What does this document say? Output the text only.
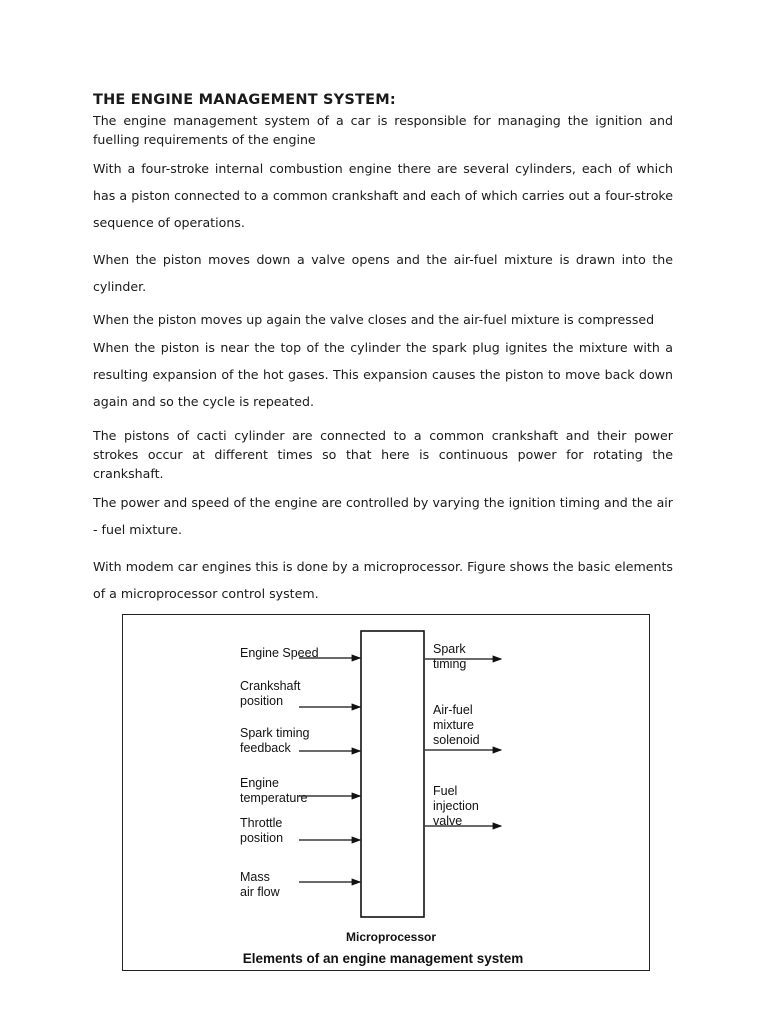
THE ENGINE MANAGEMENT SYSTEM:

The engine management system of a car is responsible for managing the ignition and fuelling requirements of the engine

With a four-stroke internal combustion engine there are several cylinders, each of which has a piston connected to a common crankshaft and each of which carries out a four-stroke sequence of operations.

When the piston moves down a valve opens and the air-fuel mixture is drawn into the cylinder.

When the piston moves up again the valve closes and the air-fuel mixture is compressed

When the piston is near the top of the cylinder the spark plug ignites the mixture with a resulting expansion of the hot gases. This expansion causes the piston to move back down again and so the cycle is repeated.

The pistons of cacti cylinder are connected to a common crankshaft and their power strokes occur at different times so that here is continuous power for rotating the crankshaft.

The power and speed of the engine are controlled by varying the ignition timing and the air - fuel mixture.

With modem car engines this is done by a microprocessor. Figure shows the basic elements of a microprocessor control system.

Engine Speed
Crankshaft
position
Spark timing
feedback
Engine
temperature
Throttle
position
Mass
air flow
Spark
timing
Air-fuel
mixture
solenoid
Fuel
injection
valve
Microprocessor
Elements of an engine management system
